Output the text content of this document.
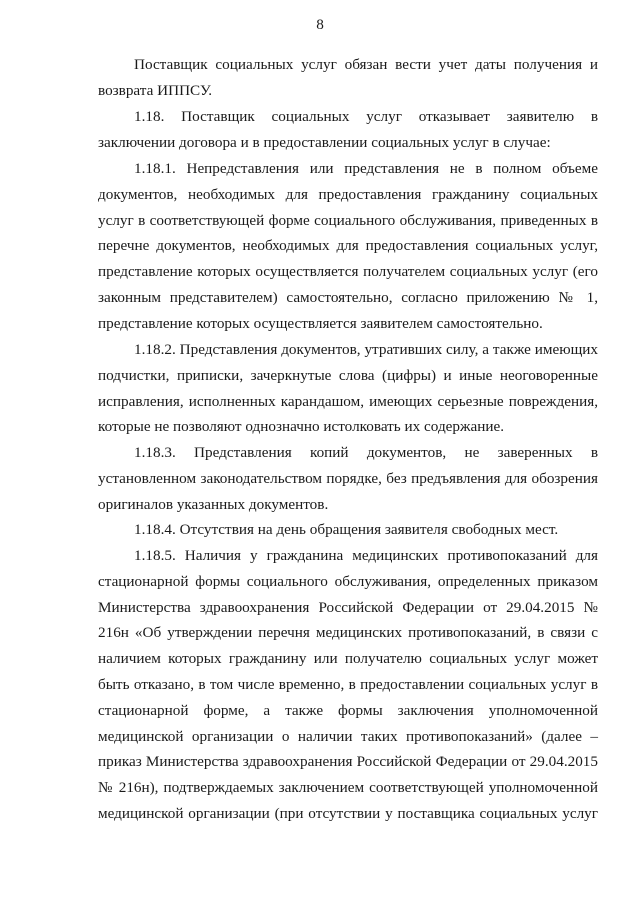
8

Поставщик социальных услуг обязан вести учет даты получения и возврата ИППСУ.

1.18. Поставщик социальных услуг отказывает заявителю в заключении договора и в предоставлении социальных услуг в случае:

1.18.1. Непредставления или представления не в полном объеме документов, необходимых для предоставления гражданину социальных услуг в соответствующей форме социального обслуживания, приведенных в перечне документов, необходимых для предоставления социальных услуг, представление которых осуществляется получателем социальных услуг (его законным представителем) самостоятельно, согласно приложению № 1, представление которых осуществляется заявителем самостоятельно.

1.18.2. Представления документов, утративших силу, а также имеющих подчистки, приписки, зачеркнутые слова (цифры) и иные неоговоренные исправления, исполненных карандашом, имеющих серьезные повреждения, которые не позволяют однозначно истолковать их содержание.

1.18.3. Представления копий документов, не заверенных в установленном законодательством порядке, без предъявления для обозрения оригиналов указанных документов.

1.18.4. Отсутствия на день обращения заявителя свободных мест.

1.18.5. Наличия у гражданина медицинских противопоказаний для стационарной формы социального обслуживания, определенных приказом Министерства здравоохранения Российской Федерации от 29.04.2015 № 216н «Об утверждении перечня медицинских противопоказаний, в связи с наличием которых гражданину или получателю социальных услуг может быть отказано, в том числе временно, в предоставлении социальных услуг в стационарной форме, а также формы заключения уполномоченной медицинской организации о наличии таких противопоказаний» (далее – приказ Министерства здравоохранения Российской Федерации от 29.04.2015 № 216н), подтверждаемых заключением соответствующей уполномоченной медицинской организации (при отсутствии у поставщика социальных услуг
